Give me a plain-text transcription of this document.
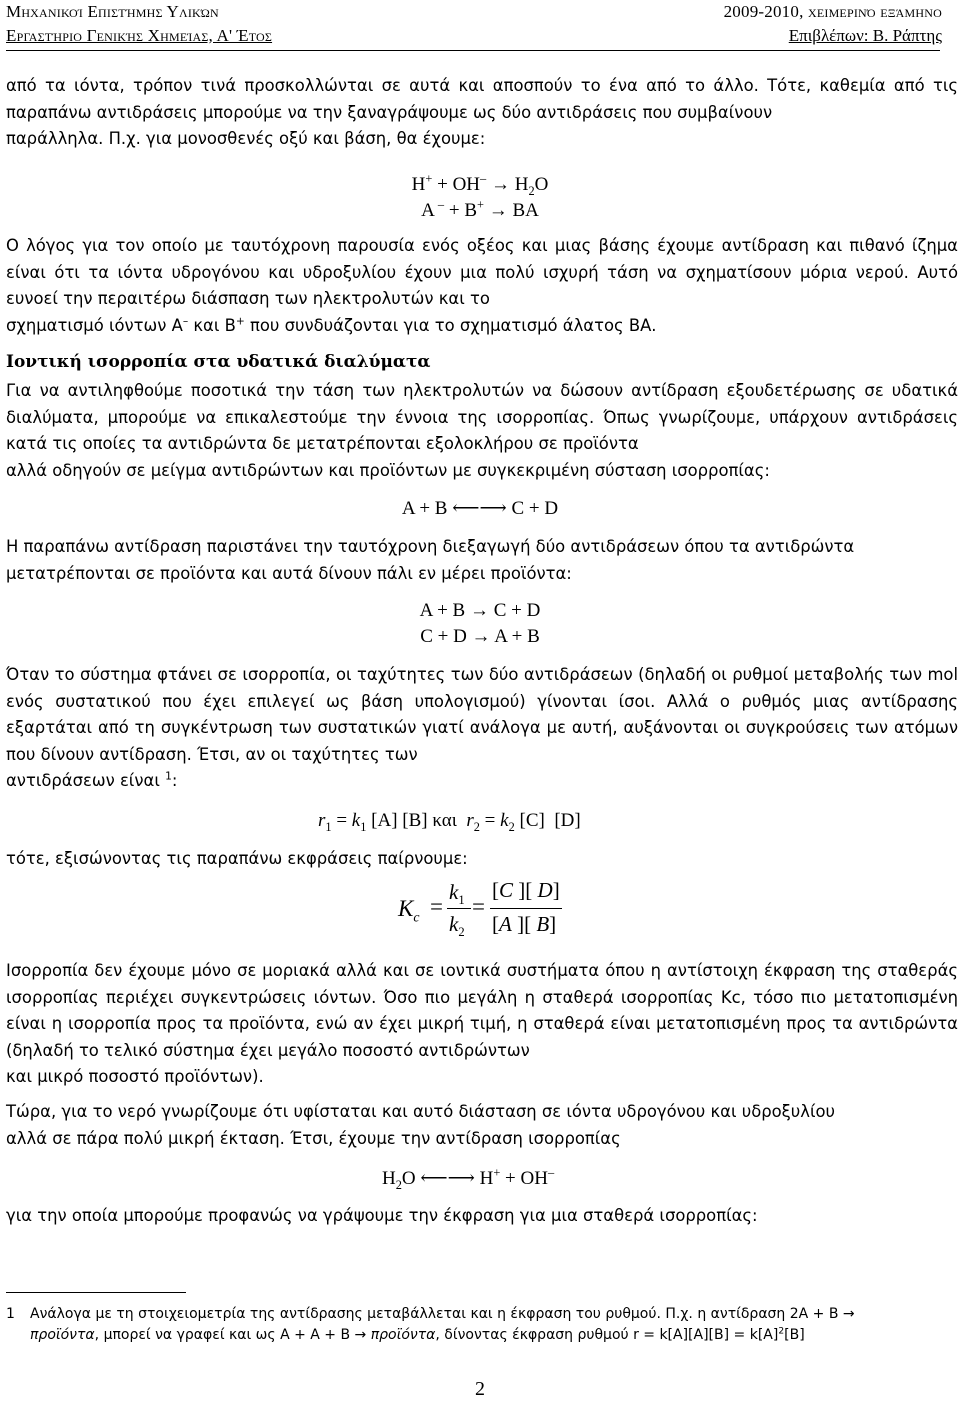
Μηχανικοί Επιστήμης Υλικών	2009-2010, χειμερινό εξάμηνο
Εργαστήριο Γενικής Χημείας, Α' Έτος	Επιβλέπων: Β. Ράπτης
από τα ιόντα, τρόπον τινά προσκολλώνται σε αυτά και αποσπούν το ένα από το άλλο. Τότε, καθεμία από τις παραπάνω αντιδράσεις μπορούμε να την ξαναγράψουμε ως δύο αντιδράσεις που συμβαίνουν
παράλληλα. Π.χ. για μονοσθενές οξύ και βάση, θα έχουμε:
$H^+ + OH^- \to H_2O$
A – + B+ → BA
Ο λόγος για τον οποίο με ταυτόχρονη παρουσία ενός οξέος και μιας βάσης έχουμε αντίδραση και πιθανό ίζημα είναι ότι τα ιόντα υδρογόνου και υδροξυλίου έχουν μια πολύ ισχυρή τάση να σχηματίσουν μόρια νερού. Αυτό ευνοεί την περαιτέρω διάσπαση των ηλεκτρολυτών και το
σχηματισμό ιόντων Α– και Β+ που συνδυάζονται για το σχηματισμό άλατος ΒΑ.
Ιοντική ισορροπία στα υδατικά διαλύματα
Για να αντιληφθούμε ποσοτικά την τάση των ηλεκτρολυτών να δώσουν αντίδραση εξουδετέρωσης σε υδατικά διαλύματα, μπορούμε να επικαλεστούμε την έννοια της ισορροπίας. Όπως γνωρίζουμε, υπάρχουν αντιδράσεις κατά τις οποίες τα αντιδρώντα δε μετατρέπονται εξολοκλήρου σε προϊόντα
αλλά οδηγούν σε μείγμα αντιδρώντων και προϊόντων με συγκεκριμένη σύσταση ισορροπίας:
A + B ⟵⟶ C + D
Η παραπάνω αντίδραση παριστάνει την ταυτόχρονη διεξαγωγή δύο αντιδράσεων όπου τα αντιδρώντα
μετατρέπονται σε προϊόντα και αυτά δίνουν πάλι εν μέρει προϊόντα:
A + B → C + D
C + D → A + B
Όταν το σύστημα φτάνει σε ισορροπία, οι ταχύτητες των δύο αντιδράσεων (δηλαδή οι ρυθμοί μεταβολής των mol ενός συστατικού που έχει επιλεγεί ως βάση υπολογισμού) γίνονται ίσοι. Αλλά ο ρυθμός μιας αντίδρασης εξαρτάται από τη συγκέντρωση των συστατικών γιατί ανάλογα με αυτή, αυξάνονται οι συγκρούσεις των ατόμων που δίνουν αντίδραση. Έτσι, αν οι ταχύτητες των
αντιδράσεων είναι $^1$:
$r_1 = k_1$ [A] [B] και  $r_2 = k_2$ [C]  [D]
τότε, εξισώνοντας τις παραπάνω εκφράσεις παίρνουμε:
$K_c$ =
$k_1$
$k_2$
=
[C ][ D]
[A ][ B]
Ισορροπία δεν έχουμε μόνο σε μοριακά αλλά και σε ιοντικά συστήματα όπου η αντίστοιχη έκφραση της σταθεράς ισορροπίας περιέχει συγκεντρώσεις ιόντων. Όσο πιο μεγάλη η σταθερά ισορροπίας Kc, τόσο πιο μετατοπισμένη είναι η ισορροπία προς τα προϊόντα, ενώ αν έχει μικρή τιμή, η σταθερά είναι μετατοπισμένη προς τα αντιδρώντα (δηλαδή το τελικό σύστημα έχει μεγάλο ποσοστό αντιδρώντων
και μικρό ποσοστό προϊόντων).
Τώρα, για το νερό γνωρίζουμε ότι υφίσταται και αυτό διάσταση σε ιόντα υδρογόνου και υδροξυλίου
αλλά σε πάρα πολύ μικρή έκταση. Έτσι, έχουμε την αντίδραση ισορροπίας
$H_2O$ ⟵⟶ H+ + OH–
για την οποία μπορούμε προφανώς να γράψουμε την έκφραση για μια σταθερά ισορροπίας:
1 Ανάλογα με τη στοιχειομετρία της αντίδρασης μεταβάλλεται και η έκφραση του ρυθμού. Π.χ. η αντίδραση 2A + B →
προϊόντα, μπορεί να γραφεί και ως A + A + B → προϊόντα, δίνοντας έκφραση ρυθμού $r = k[A][A][B] = k[A]^2[B]$
2
